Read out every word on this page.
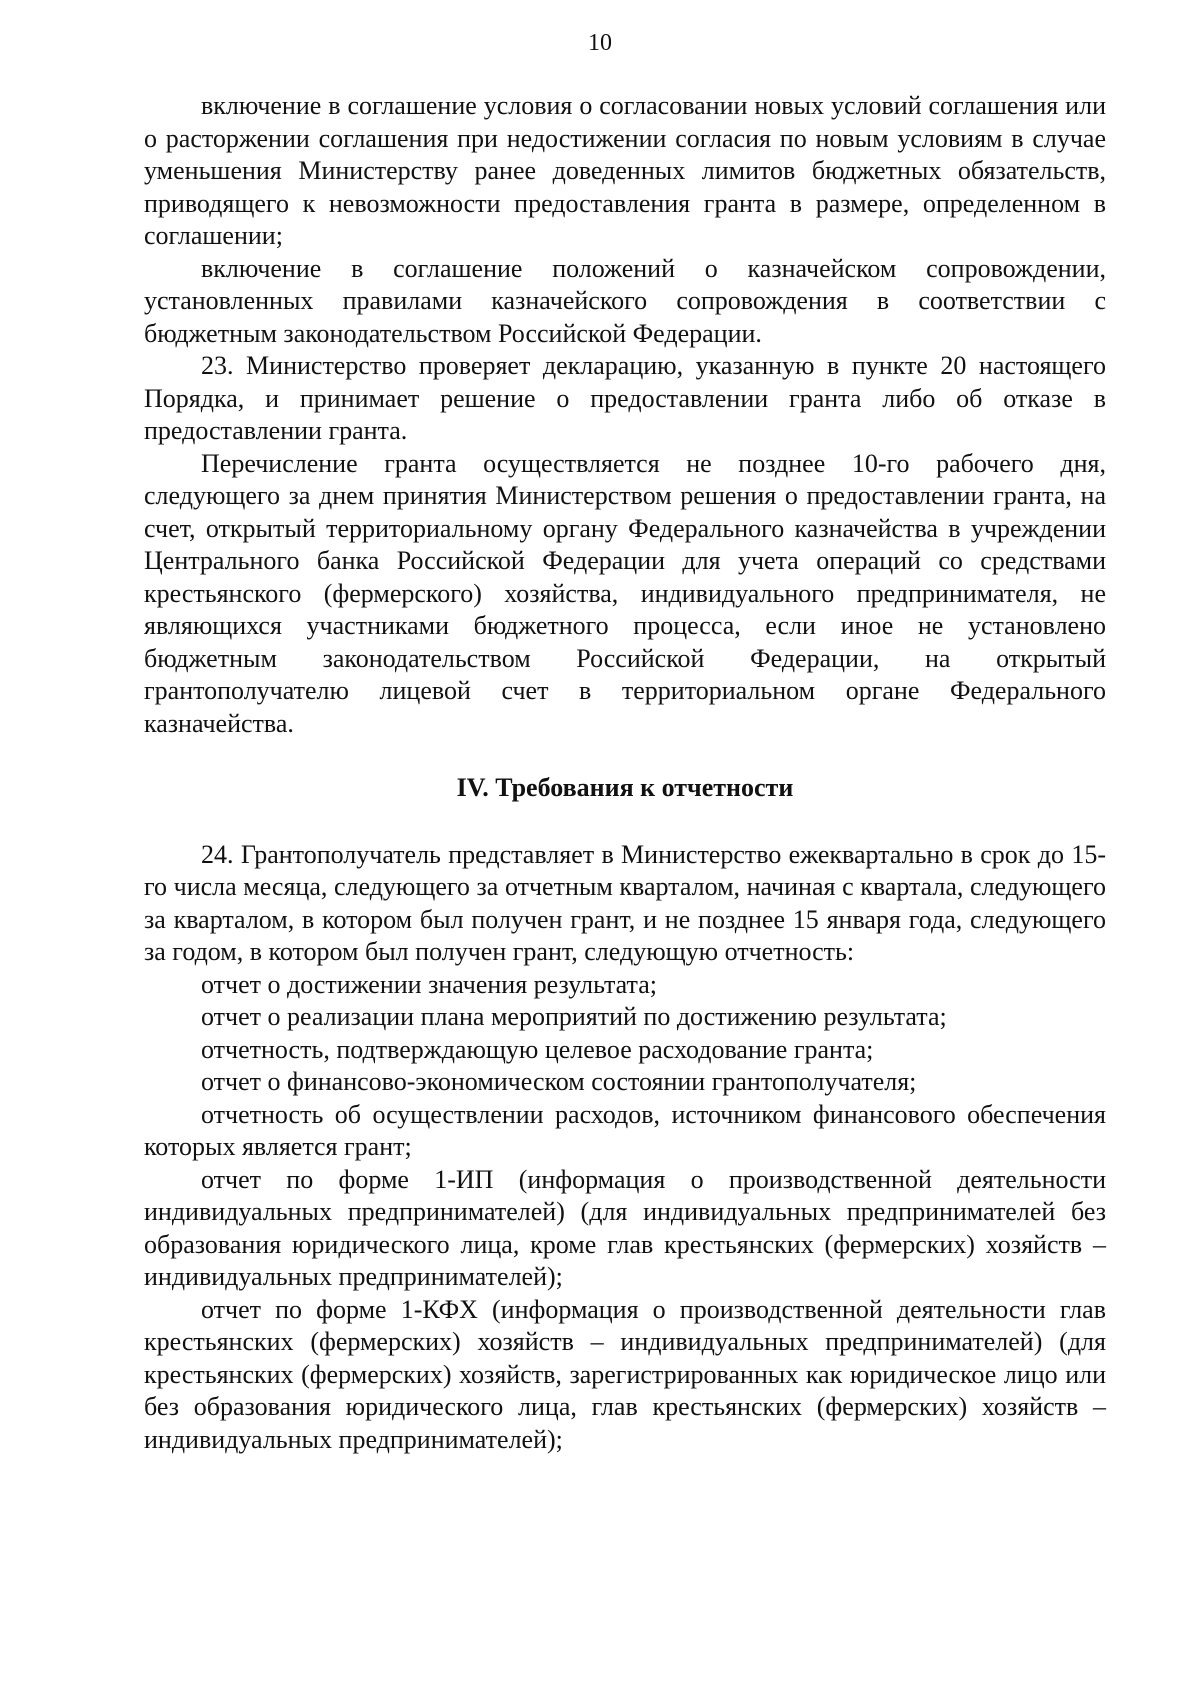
10

включение в соглашение условия о согласовании новых условий соглашения или о расторжении соглашения при недостижении согласия по новым условиям в случае уменьшения Министерству ранее доведенных лимитов бюджетных обязательств, приводящего к невозможности предоставления гранта в размере, определенном в соглашении;

включение в соглашение положений о казначейском сопровождении, установленных правилами казначейского сопровождения в соответствии с бюджетным законодательством Российской Федерации.

23. Министерство проверяет декларацию, указанную в пункте 20 настоящего Порядка, и принимает решение о предоставлении гранта либо об отказе в предоставлении гранта.

Перечисление гранта осуществляется не позднее 10-го рабочего дня, следующего за днем принятия Министерством решения о предоставлении гранта, на счет, открытый территориальному органу Федерального казначейства в учреждении Центрального банка Российской Федерации для учета операций со средствами крестьянского (фермерского) хозяйства, индивидуального предпринимателя, не являющихся участниками бюджетного процесса, если иное не установлено бюджетным законодательством Российской Федерации, на открытый грантополучателю лицевой счет в территориальном органе Федерального казначейства.

IV. Требования к отчетности

24. Грантополучатель представляет в Министерство ежеквартально в срок до 15-го числа месяца, следующего за отчетным кварталом, начиная с квартала, следующего за кварталом, в котором был получен грант, и не позднее 15 января года, следующего за годом, в котором был получен грант, следующую отчетность:

отчет о достижении значения результата;

отчет о реализации плана мероприятий по достижению результата;

отчетность, подтверждающую целевое расходование гранта;

отчет о финансово-экономическом состоянии грантополучателя;

отчетность об осуществлении расходов, источником финансового обеспечения которых является грант;

отчет по форме 1-ИП (информация о производственной деятельности индивидуальных предпринимателей) (для индивидуальных предпринимателей без образования юридического лица, кроме глав крестьянских (фермерских) хозяйств – индивидуальных предпринимателей);

отчет по форме 1-КФХ (информация о производственной деятельности глав крестьянских (фермерских) хозяйств – индивидуальных предпринимателей) (для крестьянских (фермерских) хозяйств, зарегистрированных как юридическое лицо или без образования юридического лица, глав крестьянских (фермерских) хозяйств – индивидуальных предпринимателей);
